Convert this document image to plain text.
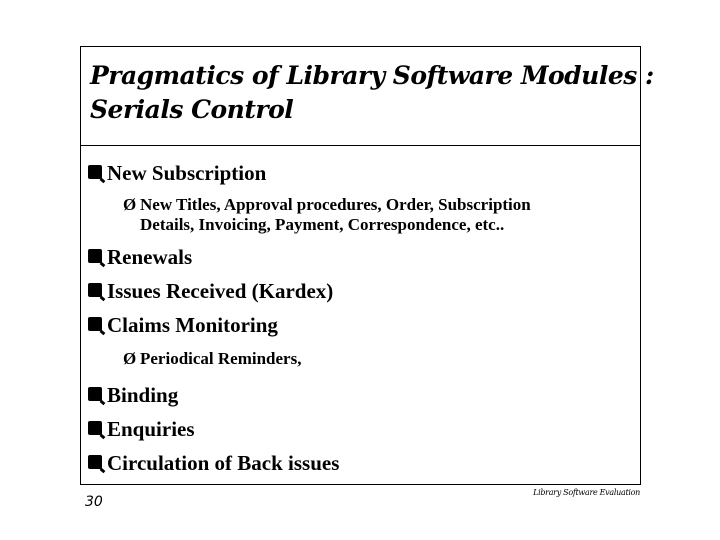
Pragmatics of Library Software Modules :
Serials Control
New Subscription
Ø New Titles, Approval procedures, Order, Subscription
Details, Invoicing, Payment, Correspondence, etc..
Renewals
Issues Received (Kardex)
Claims Monitoring
Ø Periodical Reminders,
Binding
Enquiries
Circulation of Back issues
30
Library Software Evaluation
